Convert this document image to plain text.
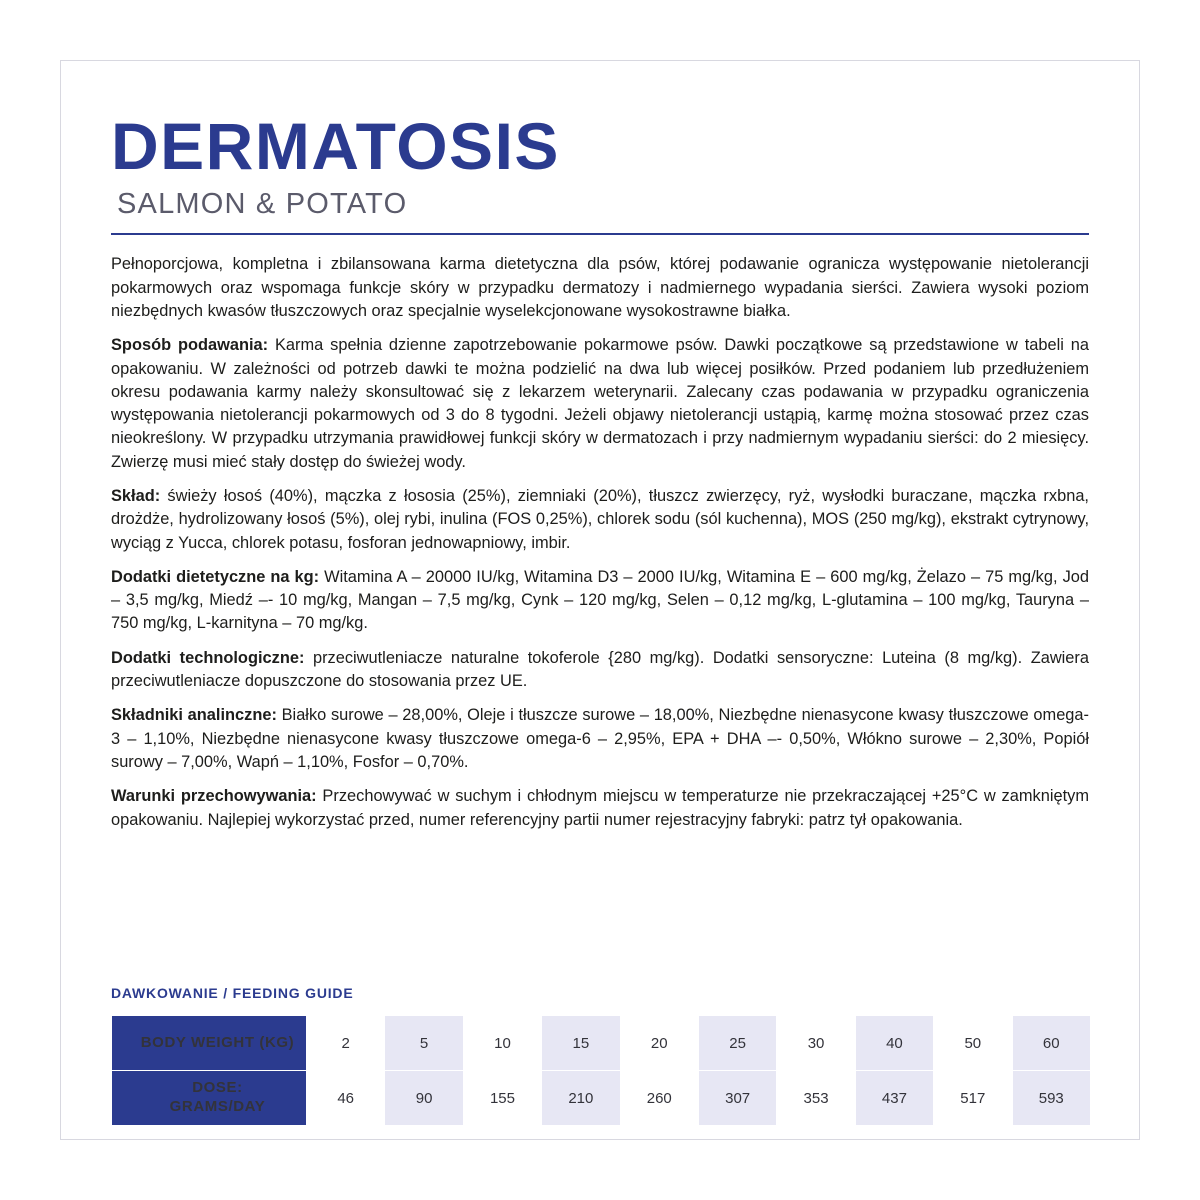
DERMATOSIS
SALMON & POTATO

Pełnoporcjowa, kompletna i zbilansowana karma dietetyczna dla psów, której podawanie ogranicza występowanie nietolerancji pokarmowych oraz wspomaga funkcje skóry w przypadku dermatozy i nadmiernego wypadania sierści. Zawiera wysoki poziom niezbędnych kwasów tłuszczowych oraz specjalnie wyselekcjonowane wysokostrawne białka.

Sposób podawania: Karma spełnia dzienne zapotrzebowanie pokarmowe psów. Dawki początkowe są przedstawione w tabeli na opakowaniu. W zależności od potrzeb dawki te można podzielić na dwa lub więcej posiłków. Przed podaniem lub przedłużeniem okresu podawania karmy należy skonsultować się z lekarzem weterynarii. Zalecany czas podawania w przypadku ograniczenia występowania nietolerancji pokarmowych od 3 do 8 tygodni. Jeżeli objawy nietolerancji ustąpią, karmę można stosować przez czas nieokreślony. W przypadku utrzymania prawidłowej funkcji skóry w dermatozach i przy nadmiernym wypadaniu sierści: do 2 miesięcy. Zwierzę musi mieć stały dostęp do świeżej wody.

Skład: świeży łosoś (40%), mączka z łososia (25%), ziemniaki (20%), tłuszcz zwierzęcy, ryż, wysłodki buraczane, mączka rxbna, drożdże, hydrolizowany łosoś (5%), olej rybi, inulina (FOS 0,25%), chlorek sodu (sól kuchenna), MOS (250 mg/kg), ekstrakt cytrynowy, wyciąg z Yucca, chlorek potasu, fosforan jednowapniowy, imbir.

Dodatki dietetyczne na kg: Witamina A – 20000 IU/kg, Witamina D3 – 2000 IU/kg, Witamina E – 600 mg/kg, Żelazo – 75 mg/kg, Jod – 3,5 mg/kg, Miedź –- 10 mg/kg, Mangan – 7,5 mg/kg, Cynk – 120 mg/kg, Selen – 0,12 mg/kg, L-glutamina – 100 mg/kg, Tauryna – 750 mg/kg, L-karnityna – 70 mg/kg.

Dodatki technologiczne: przeciwutleniacze naturalne tokoferole {280 mg/kg). Dodatki sensoryczne: Luteina (8 mg/kg). Zawiera przeciwutleniacze dopuszczone do stosowania przez UE.

Składniki analinczne: Białko surowe – 28,00%, Oleje i tłuszcze surowe – 18,00%, Niezbędne nienasycone kwasy tłuszczowe omega-3 – 1,10%, Niezbędne nienasycone kwasy tłuszczowe omega-6 – 2,95%, EPA + DHA –- 0,50%, Włókno surowe – 2,30%, Popiół surowy – 7,00%, Wapń – 1,10%, Fosfor – 0,70%.

Warunki przechowywania: Przechowywać w suchym i chłodnym miejscu w temperaturze nie przekraczającej +25°C w zamkniętym opakowaniu. Najlepiej wykorzystać przed, numer referencyjny partii numer rejestracyjny fabryki: patrz tył opakowania.

DAWKOWANIE / FEEDING GUIDE
BODY WEIGHT (KG)	2	5	10	15	20	25	30	40	50	60
DOSE:
GRAMS/DAY	46	90	155	210	260	307	353	437	517	593
